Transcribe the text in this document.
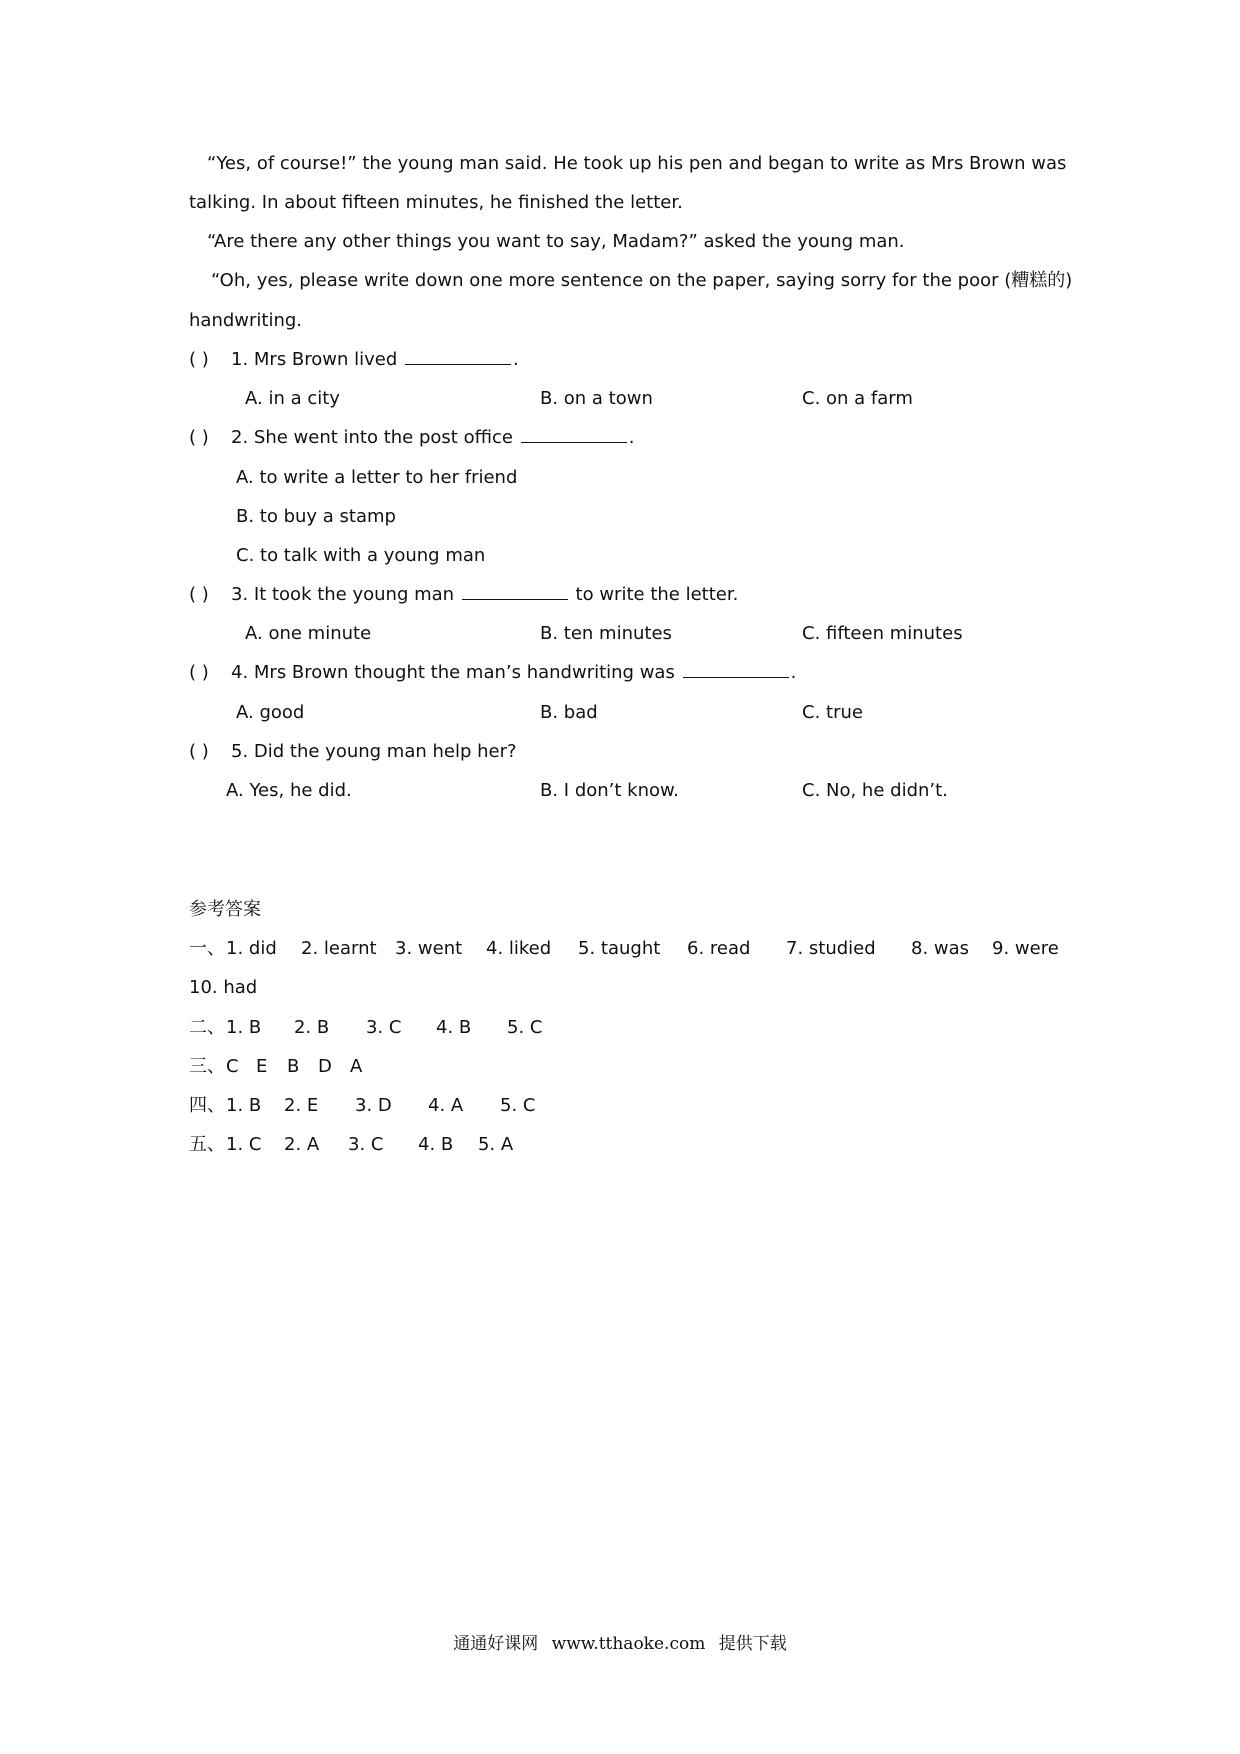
“Yes, of course!” the young man said. He took up his pen and began to write as Mrs Brown was
talking. In about fifteen minutes, he finished the letter.
“Are there any other things you want to say, Madam?” asked the young man.
“Oh, yes, please write down one more sentence on the paper, saying sorry for the poor (糟糕的)
handwriting.
( ) 1. Mrs Brown lived	.
A. in a city	B. on a town	C. on a farm
( ) 2. She went into the post office	.
A. to write a letter to her friend
B. to buy a stamp
C. to talk with a young man
( ) 3. It took the young man	to write the letter.
A. one minute	B. ten minutes	C. fifteen minutes
( ) 4. Mrs Brown thought the man’s handwriting was	.
A. good	B. bad	C. true
( ) 5. Did the young man help her?
A. Yes, he did.	B. I don’t know.	C. No, he didn’t.
参考答案
一、 1. did 2. learnt 3. went 4. liked 5. taught 6. read 7. studied 8. was 9. were
10. had
二、 1. B 2. B 3. C 4. B 5. C
三、 C E B D A
四、 1. B 2. E 3. D 4. A 5. C
五、 1. C 2. A 3. C 4. B 5. A
通通好课网 www.tthaoke.com 提供下载
